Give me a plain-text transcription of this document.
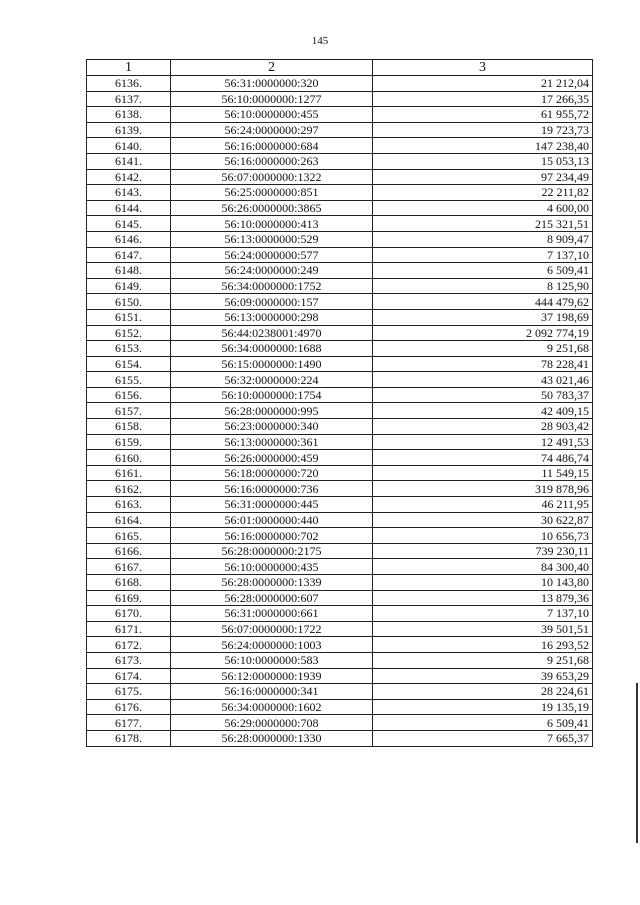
145
1	2	3
6136.	56:31:0000000:320	21 212,04
6137.	56:10:0000000:1277	17 266,35
6138.	56:10:0000000:455	61 955,72
6139.	56:24:0000000:297	19 723,73
6140.	56:16:0000000:684	147 238,40
6141.	56:16:0000000:263	15 053,13
6142.	56:07:0000000:1322	97 234,49
6143.	56:25:0000000:851	22 211,82
6144.	56:26:0000000:3865	4 600,00
6145.	56:10:0000000:413	215 321,51
6146.	56:13:0000000:529	8 909,47
6147.	56:24:0000000:577	7 137,10
6148.	56:24:0000000:249	6 509,41
6149.	56:34:0000000:1752	8 125,90
6150.	56:09:0000000:157	444 479,62
6151.	56:13:0000000:298	37 198,69
6152.	56:44:0238001:4970	2 092 774,19
6153.	56:34:0000000:1688	9 251,68
6154.	56:15:0000000:1490	78 228,41
6155.	56:32:0000000:224	43 021,46
6156.	56:10:0000000:1754	50 783,37
6157.	56:28:0000000:995	42 409,15
6158.	56:23:0000000:340	28 903,42
6159.	56:13:0000000:361	12 491,53
6160.	56:26:0000000:459	74 486,74
6161.	56:18:0000000:720	11 549,15
6162.	56:16:0000000:736	319 878,96
6163.	56:31:0000000:445	46 211,95
6164.	56:01:0000000:440	30 622,87
6165.	56:16:0000000:702	10 656,73
6166.	56:28:0000000:2175	739 230,11
6167.	56:10:0000000:435	84 300,40
6168.	56:28:0000000:1339	10 143,80
6169.	56:28:0000000:607	13 879,36
6170.	56:31:0000000:661	7 137,10
6171.	56:07:0000000:1722	39 501,51
6172.	56:24:0000000:1003	16 293,52
6173.	56:10:0000000:583	9 251,68
6174.	56:12:0000000:1939	39 653,29
6175.	56:16:0000000:341	28 224,61
6176.	56:34:0000000:1602	19 135,19
6177.	56:29:0000000:708	6 509,41
6178.	56:28:0000000:1330	7 665,37
